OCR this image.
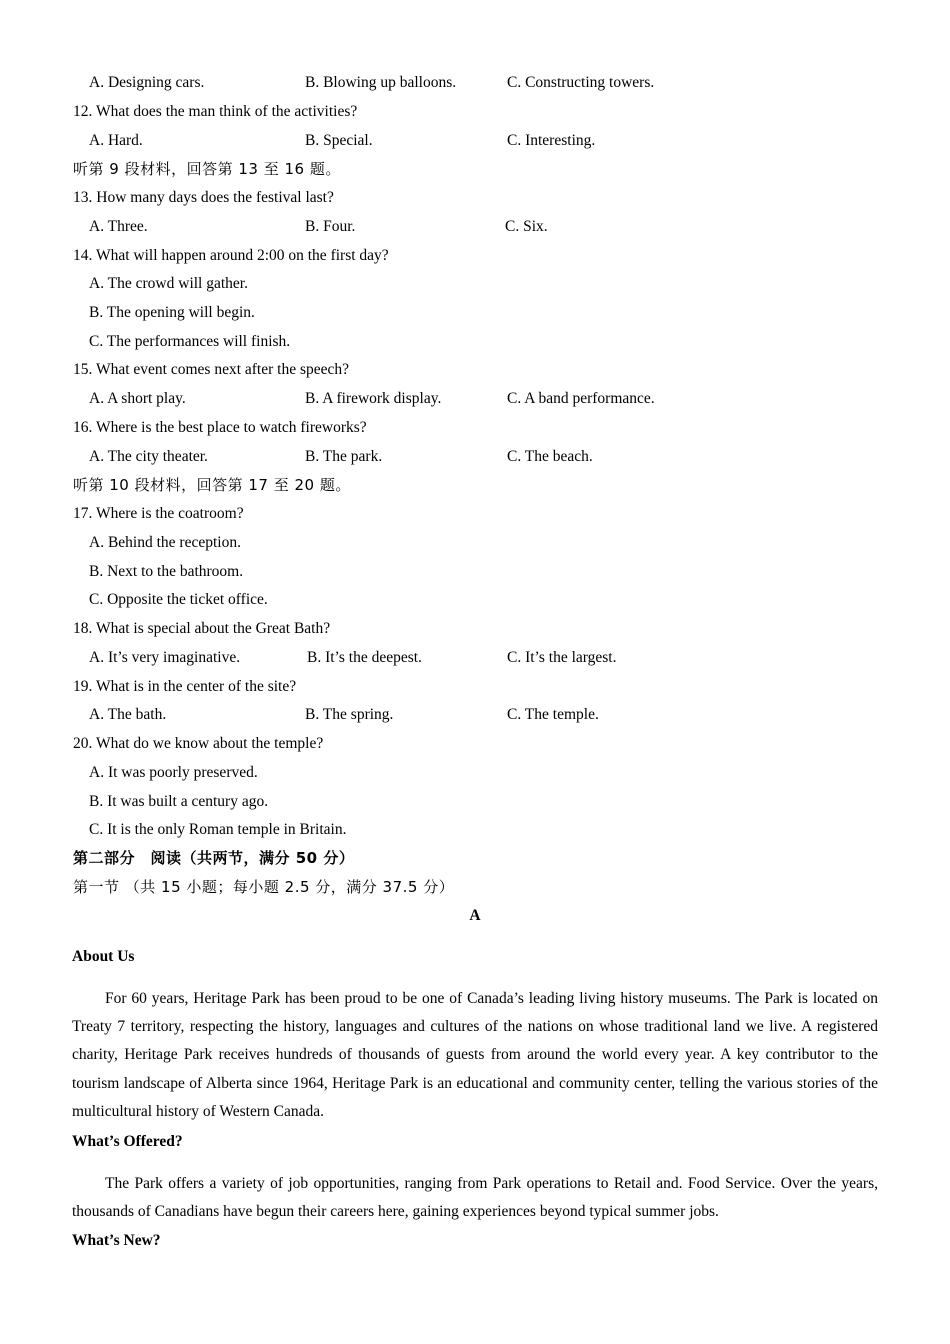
A. Designing cars.	B. Blowing up balloons.	C. Constructing towers.
12. What does the man think of the activities?
A. Hard.	B. Special.	C. Interesting.
听第 9 段材料，回答第 13 至 16 题。
13. How many days does the festival last?
A. Three.	B. Four.	C. Six.
14. What will happen around 2:00 on the first day?
A. The crowd will gather.
B. The opening will begin.
C. The performances will finish.
15. What event comes next after the speech?
A. A short play.	B. A firework display.	C. A band performance.
16. Where is the best place to watch fireworks?
A. The city theater.	B. The park.	C. The beach.
听第 10 段材料，回答第 17 至 20 题。
17. Where is the coatroom?
A. Behind the reception.
B. Next to the bathroom.
C. Opposite the ticket office.
18. What is special about the Great Bath?
A. It’s very imaginative.	B. It’s the deepest.	C. It’s the largest.
19. What is in the center of the site?
A. The bath.	B. The spring.	C. The temple.
20. What do we know about the temple?
A. It was poorly preserved.
B. It was built a century ago.
C. It is the only Roman temple in Britain.
第二部分　阅读（共两节，满分 50 分）
第一节 （共 15 小题；每小题 2.5 分，满分 37.5 分）
A
About Us
For 60 years, Heritage Park has been proud to be one of Canada’s leading living history museums. The Park is located on Treaty 7 territory, respecting the history, languages and cultures of the nations on whose traditional land we live. A registered charity, Heritage Park receives hundreds of thousands of guests from around the world every year. A key contributor to the tourism landscape of Alberta since 1964, Heritage Park is an educational and community center, telling the various stories of the multicultural history of Western Canada.
What’s Offered?
The Park offers a variety of job opportunities, ranging from Park operations to Retail and. Food Service. Over the years, thousands of Canadians have begun their careers here, gaining experiences beyond typical summer jobs.
What’s New?
